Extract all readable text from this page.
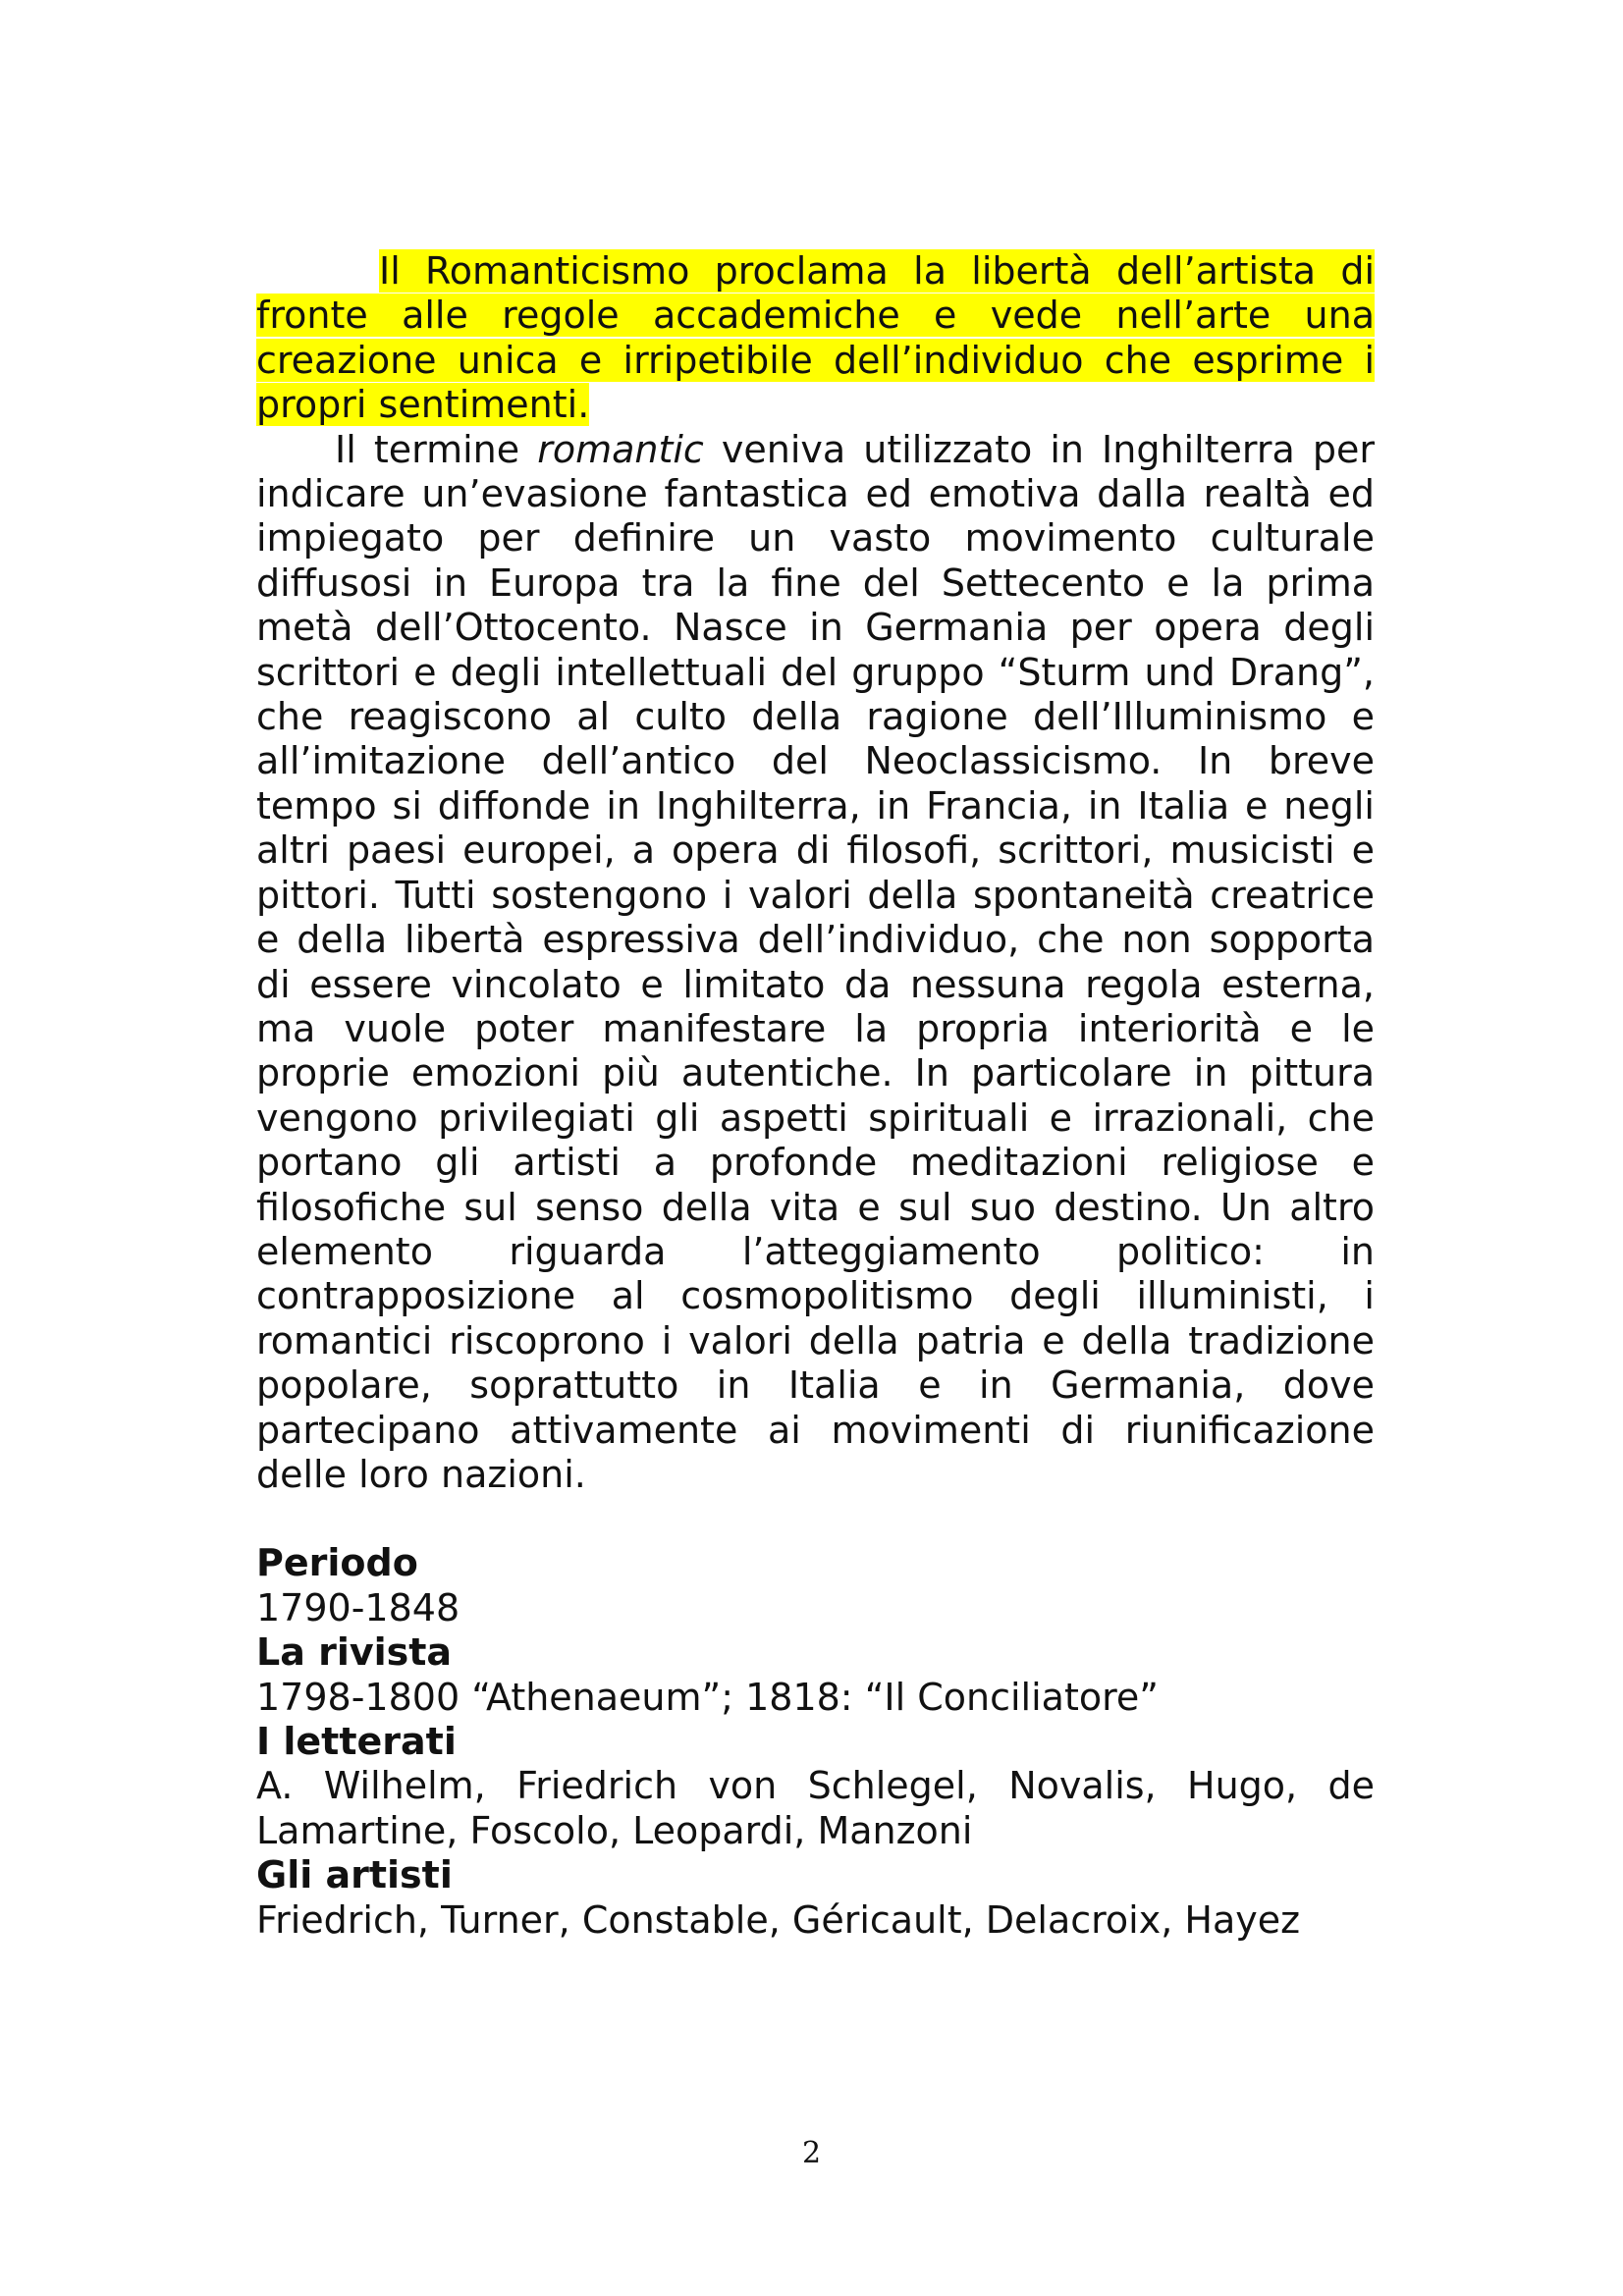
Il Romanticismo proclama la libertà dell’artista di fronte alle regole accademiche e vede nell’arte una creazione unica e irripetibile dell’individuo che esprime i propri sentimenti.

Il termine romantic veniva utilizzato in Inghilterra per indicare un’evasione fantastica ed emotiva dalla realtà ed impiegato per definire un vasto movimento culturale diffusosi in Europa tra la fine del Settecento e la prima metà dell’Ottocento. Nasce in Germania per opera degli scrittori e degli intellettuali del gruppo “Sturm und Drang”, che reagiscono al culto della ragione dell’Illuminismo e all’imitazione dell’antico del Neoclassicismo. In breve tempo si diffonde in Inghilterra, in Francia, in Italia e negli altri paesi europei, a opera di filosofi, scrittori, musicisti e pittori. Tutti sostengono i valori della spontaneità creatrice e della libertà espressiva dell’individuo, che non sopporta di essere vincolato e limitato da nessuna regola esterna, ma vuole poter manifestare la propria interiorità e le proprie emozioni più autentiche. In particolare in pittura vengono privilegiati gli aspetti spirituali e irrazionali, che portano gli artisti a profonde meditazioni religiose e filosofiche sul senso della vita e sul suo destino. Un altro elemento riguarda l’atteggiamento politico: in contrapposizione al cosmopolitismo degli illuministi, i romantici riscoprono i valori della patria e della tradizione popolare, soprattutto in Italia e in Germania, dove partecipano attivamente ai movimenti di riunificazione delle loro nazioni.

Periodo

1790-1848

La rivista

1798-1800 “Athenaeum”; 1818: “Il Conciliatore”

I letterati

A. Wilhelm, Friedrich von Schlegel, Novalis, Hugo, de Lamartine, Foscolo, Leopardi, Manzoni

Gli artisti

Friedrich, Turner, Constable, Géricault, Delacroix, Hayez

2
